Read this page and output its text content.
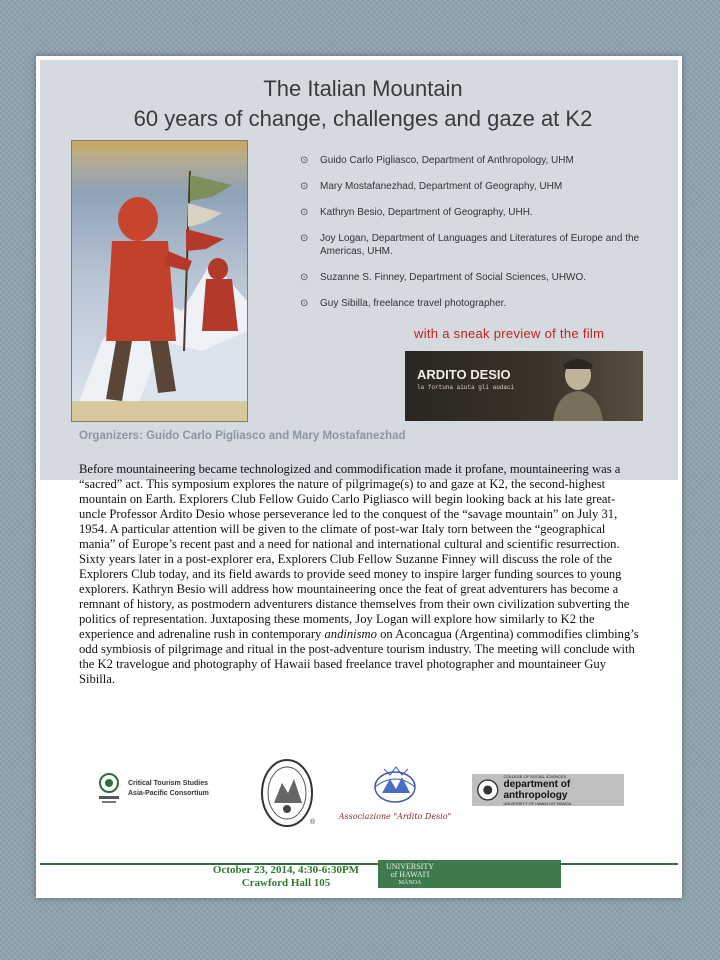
The Italian Mountain
60 years of change, challenges and gaze at K2
⊙	Guido Carlo Pigliasco, Department of Anthropology, UHM
⊙	Mary Mostafanezhad, Department of Geography, UHM
⊙	Kathryn Besio, Department of Geography, UHH.
⊙	Joy Logan, Department of Languages and Literatures of Europe and the Americas, UHM.
⊙	Suzanne S. Finney, Department of Social Sciences, UHWO.
⊙	Guy Sibilla, freelance travel photographer.
with a sneak preview of the film
ARDITO DESIO
la fortuna aiuta gli audaci
Organizers: Guido Carlo Pigliasco and Mary Mostafanezhad
Before mountaineering became technologized and commodification made it profane, mountaineering was a “sacred” act. This symposium explores the nature of pilgrimage(s) to and gaze at K2, the second-highest mountain on Earth. Explorers Club Fellow Guido Carlo Pigliasco will begin looking back at his late great-uncle Professor Ardito Desio whose perseverance led to the conquest of the “savage mountain” on July 31, 1954. A particular attention will be given to the climate of post-war Italy torn between the “geographical mania” of Europe’s recent past and a need for national and international cultural and scientific resurrection. Sixty years later in a post-explorer era, Explorers Club Fellow Suzanne Finney will discuss the role of the Explorers Club today, and its field awards to provide seed money to inspire larger funding sources to young explorers. Kathryn Besio will address how mountaineering once the feat of great adventurers has become a remnant of history, as postmodern adventurers distance themselves from their own civilization subverting the politics of representation. Juxtaposing these moments, Joy Logan will explore how similarly to K2 the experience and adrenaline rush in contemporary andinismo on Aconcagua (Argentina) commodifies climbing’s odd symbiosis of pilgrimage and ritual in the post-adventure tourism industry. The meeting will conclude with the K2 travelogue and photography of Hawaii based freelance travel photographer and mountaineer Guy Sibilla.
Critical Tourism Studies
Asia-Pacific Consortium
®
Associazione "Ardito Desio"
COLLEGE OF SOCIAL SCIENCES
department of anthropology
UNIVERSITY OF HAWAI'I AT MĀNOA
October 23, 2014, 4:30-6:30PM
Crawford Hall 105
UNIVERSITY
of HAWAI'I
MĀNOA
